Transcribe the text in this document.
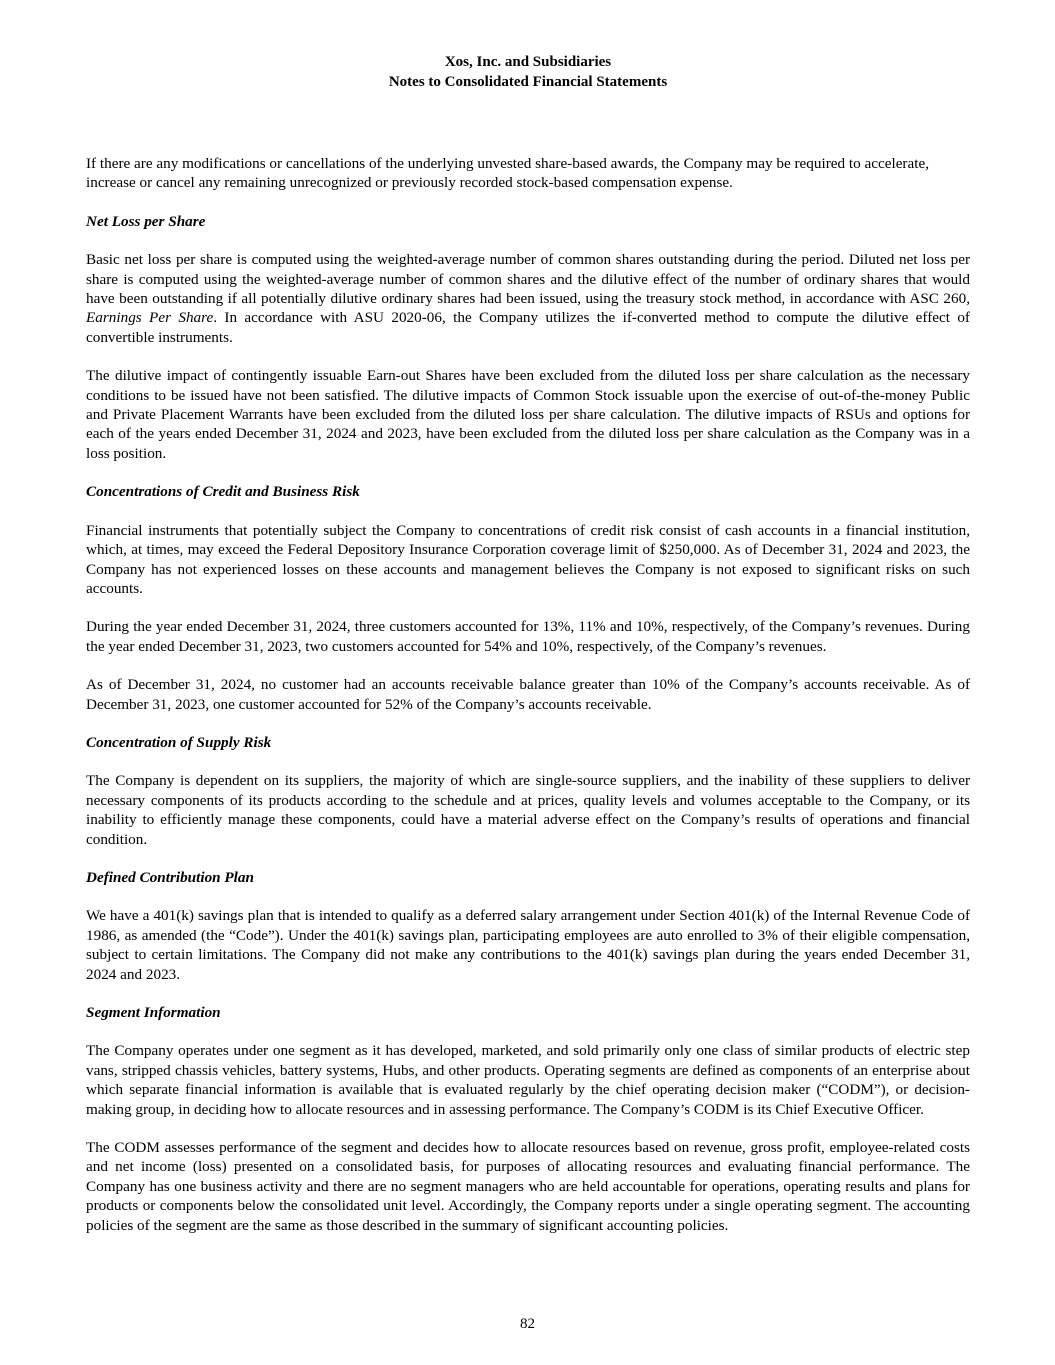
Xos, Inc. and Subsidiaries
Notes to Consolidated Financial Statements

If there are any modifications or cancellations of the underlying unvested share-based awards, the Company may be required to accelerate, increase or cancel any remaining unrecognized or previously recorded stock-based compensation expense.

Net Loss per Share

Basic net loss per share is computed using the weighted-average number of common shares outstanding during the period. Diluted net loss per share is computed using the weighted-average number of common shares and the dilutive effect of the number of ordinary shares that would have been outstanding if all potentially dilutive ordinary shares had been issued, using the treasury stock method, in accordance with ASC 260, Earnings Per Share. In accordance with ASU 2020-06, the Company utilizes the if-converted method to compute the dilutive effect of convertible instruments.

The dilutive impact of contingently issuable Earn-out Shares have been excluded from the diluted loss per share calculation as the necessary conditions to be issued have not been satisfied. The dilutive impacts of Common Stock issuable upon the exercise of out-of-the-money Public and Private Placement Warrants have been excluded from the diluted loss per share calculation. The dilutive impacts of RSUs and options for each of the years ended December 31, 2024 and 2023, have been excluded from the diluted loss per share calculation as the Company was in a loss position.

Concentrations of Credit and Business Risk

Financial instruments that potentially subject the Company to concentrations of credit risk consist of cash accounts in a financial institution, which, at times, may exceed the Federal Depository Insurance Corporation coverage limit of $250,000. As of December 31, 2024 and 2023, the Company has not experienced losses on these accounts and management believes the Company is not exposed to significant risks on such accounts.

During the year ended December 31, 2024, three customers accounted for 13%, 11% and 10%, respectively, of the Company’s revenues. During the year ended December 31, 2023, two customers accounted for 54% and 10%, respectively, of the Company’s revenues.

As of December 31, 2024, no customer had an accounts receivable balance greater than 10% of the Company’s accounts receivable. As of December 31, 2023, one customer accounted for 52% of the Company’s accounts receivable.

Concentration of Supply Risk

The Company is dependent on its suppliers, the majority of which are single-source suppliers, and the inability of these suppliers to deliver necessary components of its products according to the schedule and at prices, quality levels and volumes acceptable to the Company, or its inability to efficiently manage these components, could have a material adverse effect on the Company’s results of operations and financial condition.

Defined Contribution Plan

We have a 401(k) savings plan that is intended to qualify as a deferred salary arrangement under Section 401(k) of the Internal Revenue Code of 1986, as amended (the “Code”). Under the 401(k) savings plan, participating employees are auto enrolled to 3% of their eligible compensation, subject to certain limitations. The Company did not make any contributions to the 401(k) savings plan during the years ended December 31, 2024 and 2023.

Segment Information

The Company operates under one segment as it has developed, marketed, and sold primarily only one class of similar products of electric step vans, stripped chassis vehicles, battery systems, Hubs, and other products. Operating segments are defined as components of an enterprise about which separate financial information is available that is evaluated regularly by the chief operating decision maker (“CODM”), or decision-making group, in deciding how to allocate resources and in assessing performance. The Company’s CODM is its Chief Executive Officer.

The CODM assesses performance of the segment and decides how to allocate resources based on revenue, gross profit, employee-related costs and net income (loss) presented on a consolidated basis, for purposes of allocating resources and evaluating financial performance. The Company has one business activity and there are no segment managers who are held accountable for operations, operating results and plans for products or components below the consolidated unit level. Accordingly, the Company reports under a single operating segment. The accounting policies of the segment are the same as those described in the summary of significant accounting policies.

82
